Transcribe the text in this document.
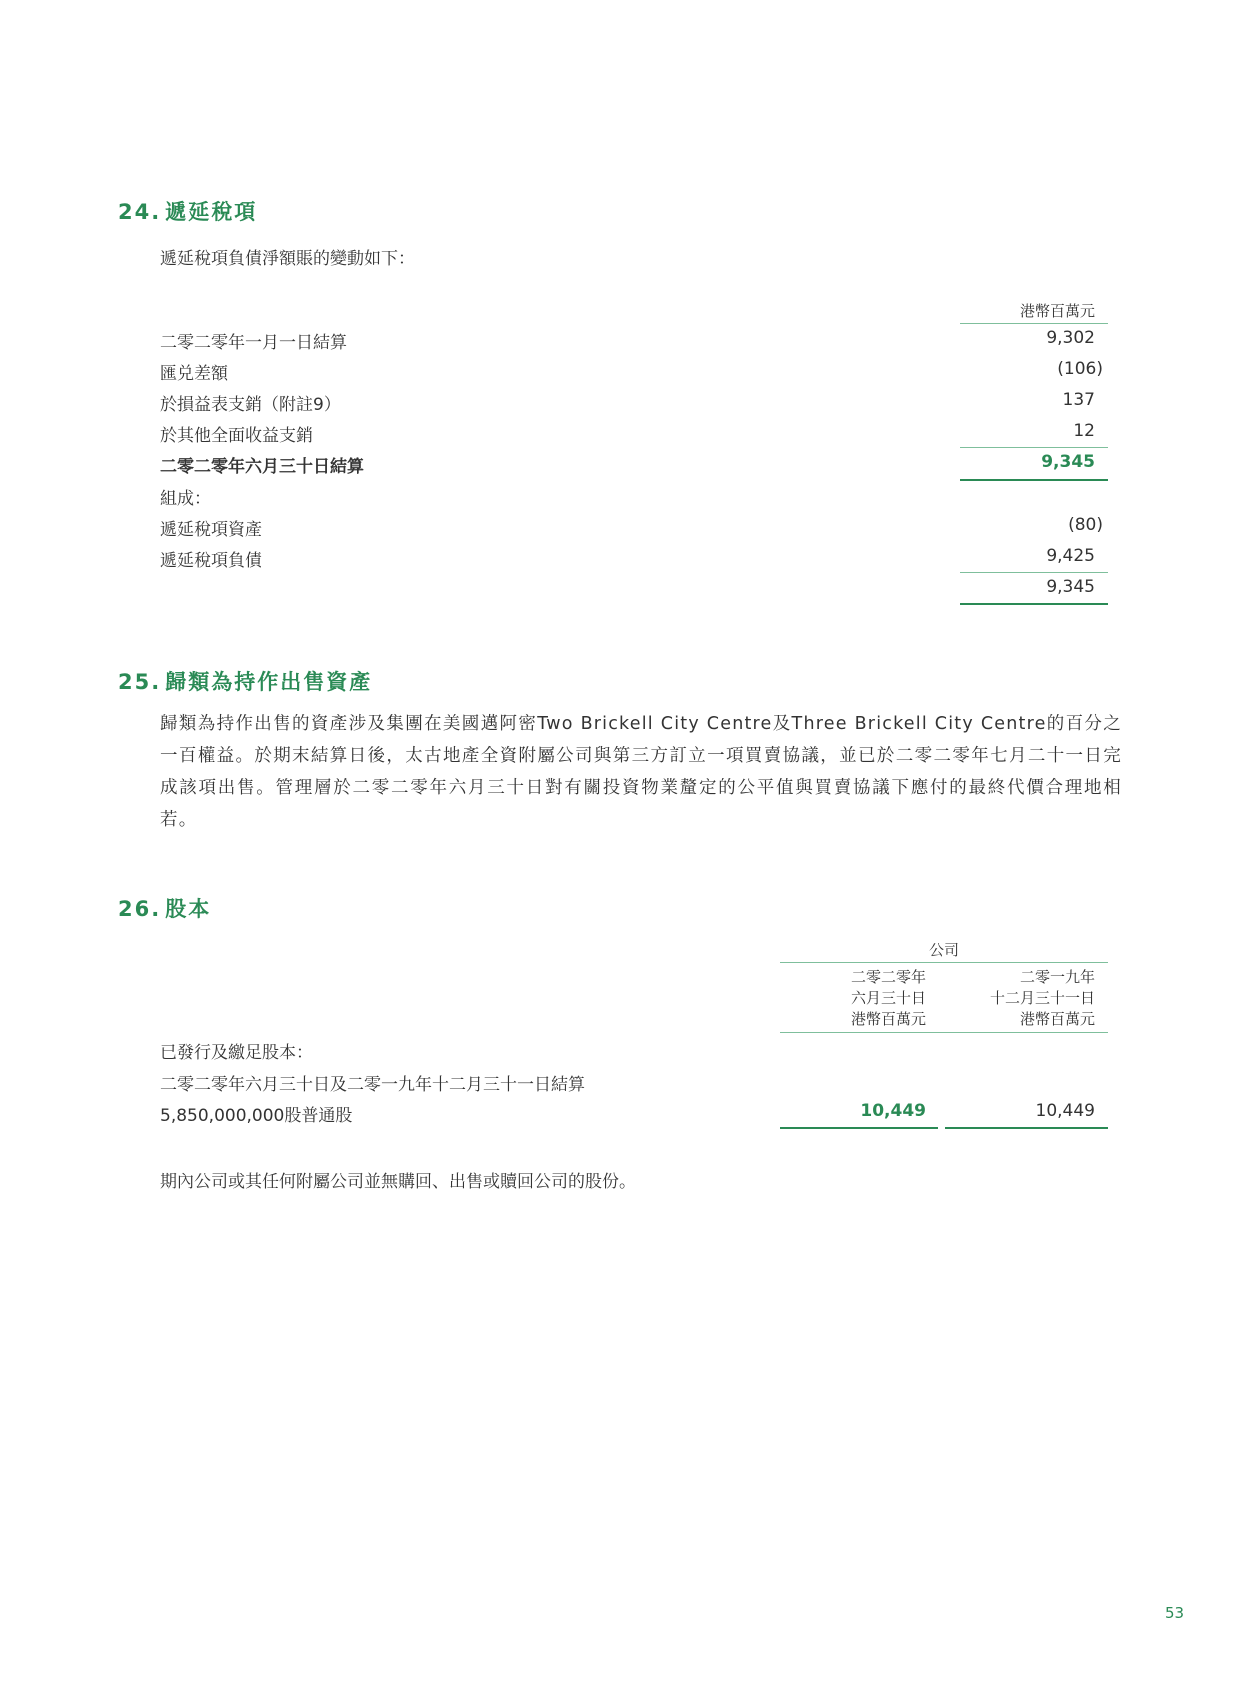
24. 遞延稅項
遞延稅項負債淨額賬的變動如下：
港幣百萬元
二零二零年一月一日結算	9,302
匯兑差額	(106)
於損益表支銷（附註9）	137
於其他全面收益支銷	12
二零二零年六月三十日結算	9,345
組成：
遞延稅項資產	(80)
遞延稅項負債	9,425
9,345
25. 歸類為持作出售資產
歸類為持作出售的資產涉及集團在美國邁阿密Two Brickell City Centre及Three Brickell City Centre的百分之一百權益。於期末結算日後，太古地產全資附屬公司與第三方訂立一項買賣協議，並已於二零二零年七月二十一日完成該項出售。管理層於二零二零年六月三十日對有關投資物業釐定的公平值與買賣協議下應付的最終代價合理地相若。
26. 股本
公司
二零二零年
六月三十日
港幣百萬元
二零一九年
十二月三十一日
港幣百萬元
已發行及繳足股本：
二零二零年六月三十日及二零一九年十二月三十一日結算
5,850,000,000股普通股	10,449	10,449
期內公司或其任何附屬公司並無購回、出售或贖回公司的股份。
53
